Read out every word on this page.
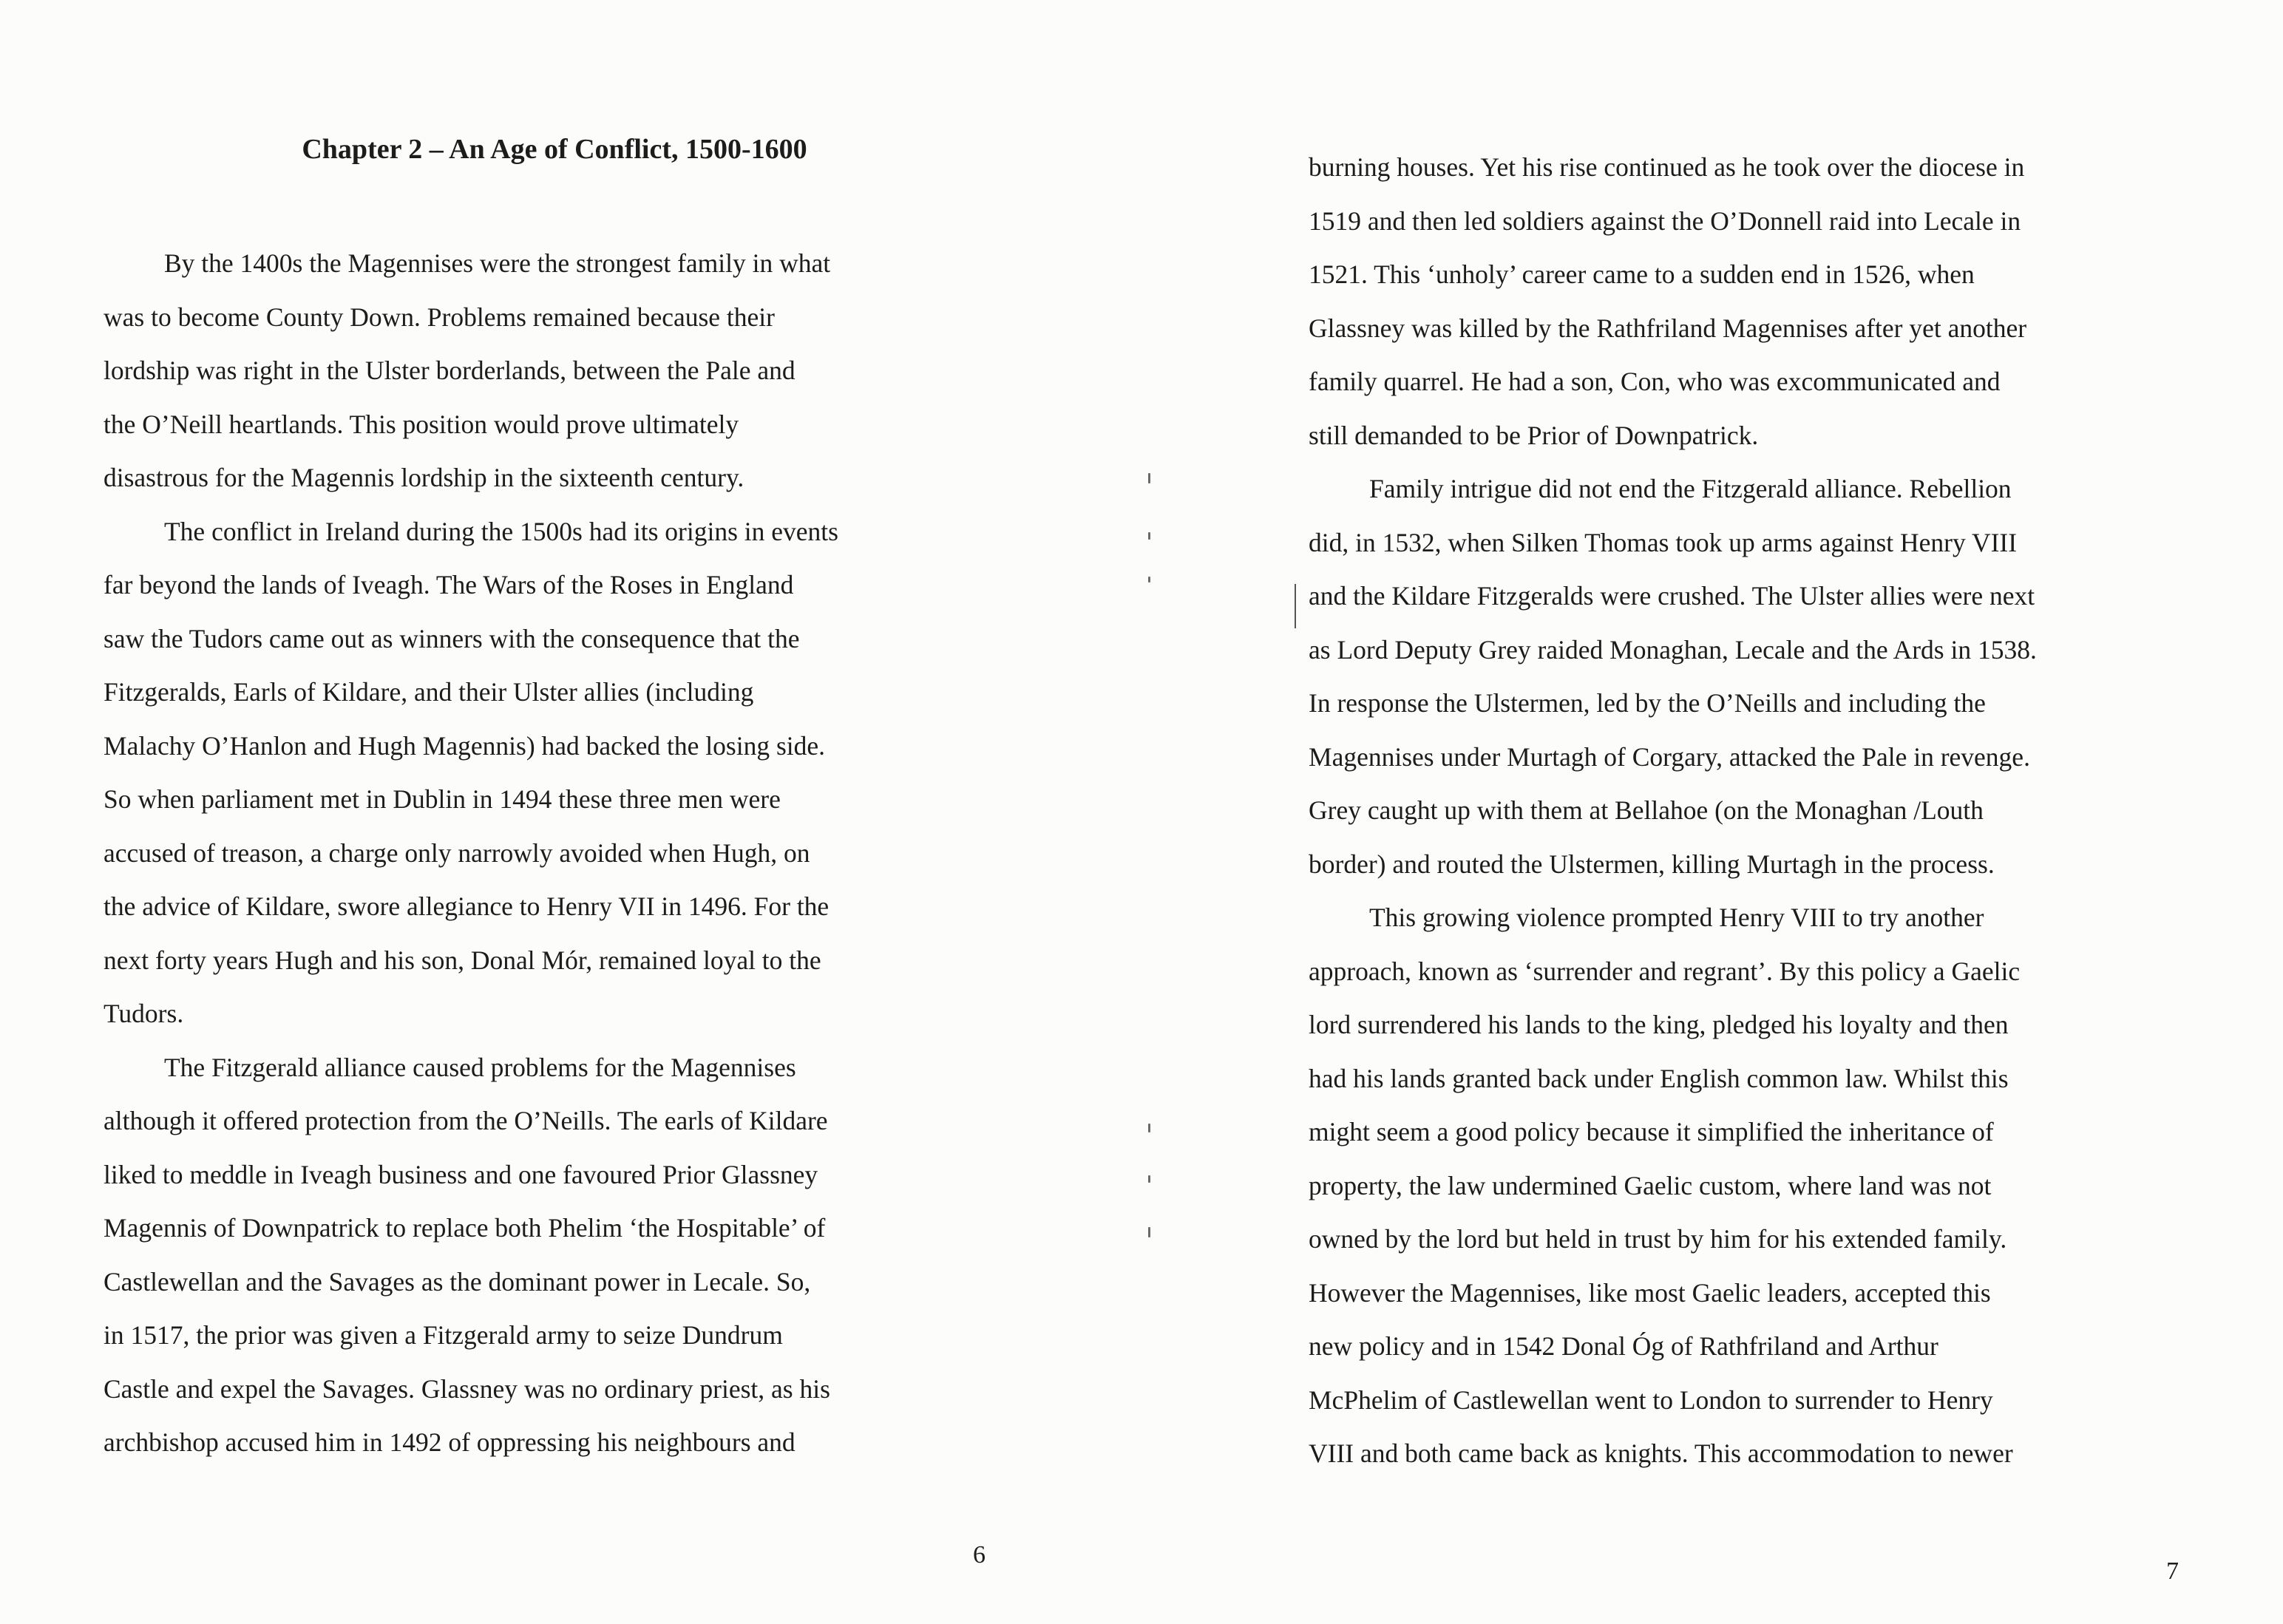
Chapter 2 – An Age of Conflict, 1500-1600
By the 1400s the Magennises were the strongest family in what
was to become County Down. Problems remained because their
lordship was right in the Ulster borderlands, between the Pale and
the O’Neill heartlands. This position would prove ultimately
disastrous for the Magennis lordship in the sixteenth century.
The conflict in Ireland during the 1500s had its origins in events
far beyond the lands of Iveagh. The Wars of the Roses in England
saw the Tudors came out as winners with the consequence that the
Fitzgeralds, Earls of Kildare, and their Ulster allies (including
Malachy O’Hanlon and Hugh Magennis) had backed the losing side.
So when parliament met in Dublin in 1494 these three men were
accused of treason, a charge only narrowly avoided when Hugh, on
the advice of Kildare, swore allegiance to Henry VII in 1496. For the
next forty years Hugh and his son, Donal Mór, remained loyal to the
Tudors.
The Fitzgerald alliance caused problems for the Magennises
although it offered protection from the O’Neills. The earls of Kildare
liked to meddle in Iveagh business and one favoured Prior Glassney
Magennis of Downpatrick to replace both Phelim ‘the Hospitable’ of
Castlewellan and the Savages as the dominant power in Lecale. So,
in 1517, the prior was given a Fitzgerald army to seize Dundrum
Castle and expel the Savages. Glassney was no ordinary priest, as his
archbishop accused him in 1492 of oppressing his neighbours and
6
burning houses. Yet his rise continued as he took over the diocese in
1519 and then led soldiers against the O’Donnell raid into Lecale in
1521. This ‘unholy’ career came to a sudden end in 1526, when
Glassney was killed by the Rathfriland Magennises after yet another
family quarrel. He had a son, Con, who was excommunicated and
still demanded to be Prior of Downpatrick.
Family intrigue did not end the Fitzgerald alliance. Rebellion
did, in 1532, when Silken Thomas took up arms against Henry VIII
and the Kildare Fitzgeralds were crushed. The Ulster allies were next
as Lord Deputy Grey raided Monaghan, Lecale and the Ards in 1538.
In response the Ulstermen, led by the O’Neills and including the
Magennises under Murtagh of Corgary, attacked the Pale in revenge.
Grey caught up with them at Bellahoe (on the Monaghan /Louth
border) and routed the Ulstermen, killing Murtagh in the process.
This growing violence prompted Henry VIII to try another
approach, known as ‘surrender and regrant’. By this policy a Gaelic
lord surrendered his lands to the king, pledged his loyalty and then
had his lands granted back under English common law. Whilst this
might seem a good policy because it simplified the inheritance of
property, the law undermined Gaelic custom, where land was not
owned by the lord but held in trust by him for his extended family.
However the Magennises, like most Gaelic leaders, accepted this
new policy and in 1542 Donal Óg of Rathfriland and Arthur
McPhelim of Castlewellan went to London to surrender to Henry
VIII and both came back as knights. This accommodation to newer
7
